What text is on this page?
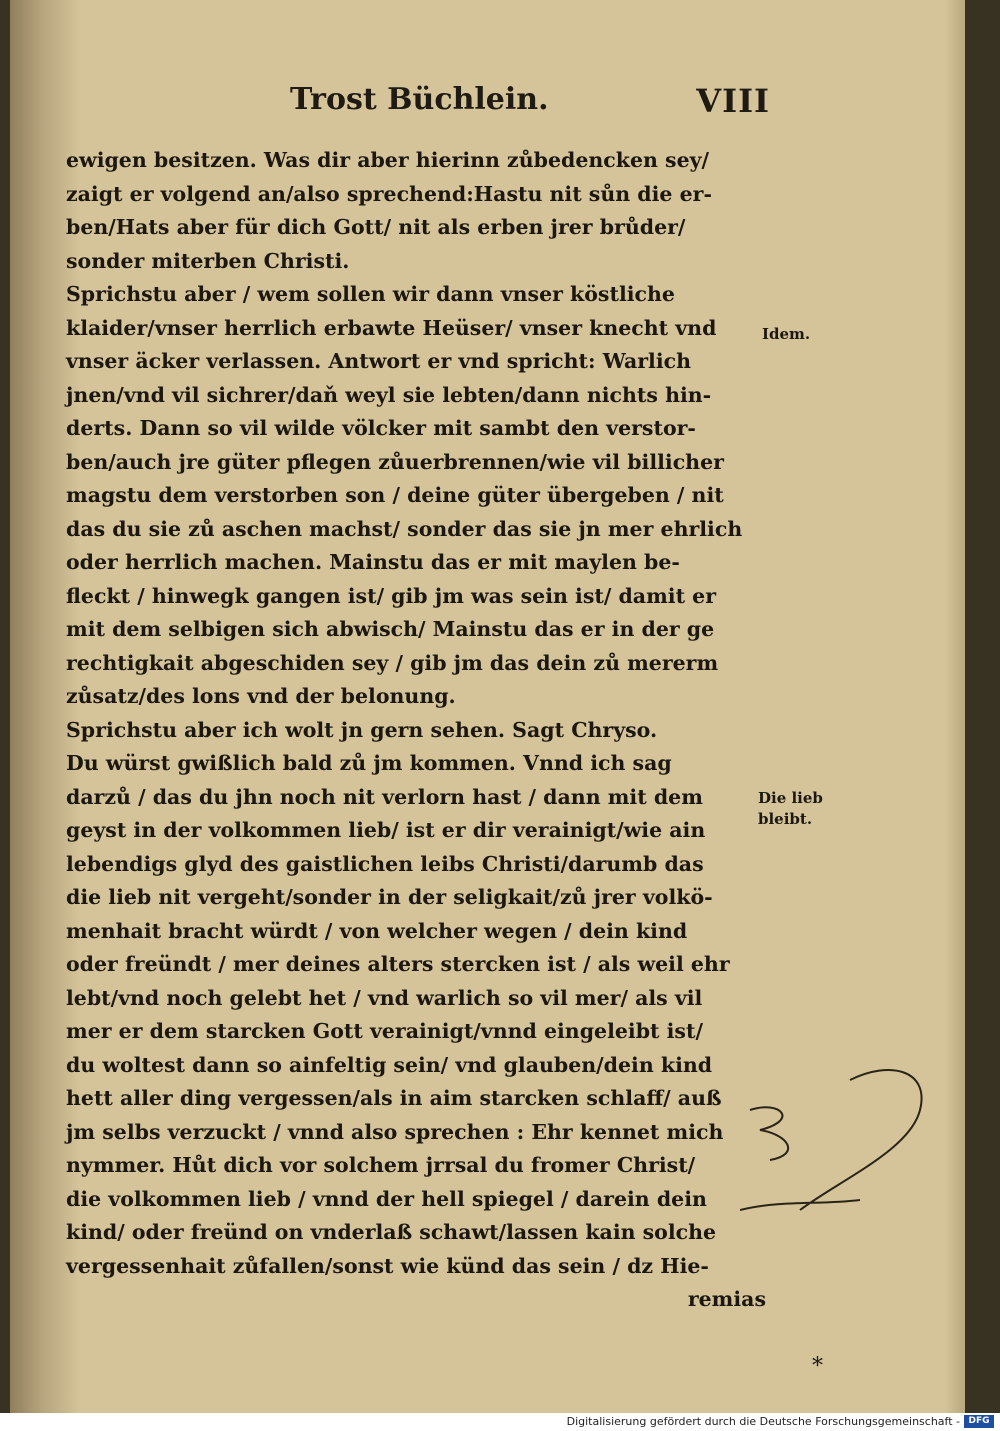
Trost Büchlein.	VIII
ewigen besitzen. Was dir aber hierinn zůbedencken sey/
zaigt er volgend an/also sprechend:Hastu nit sůn die er-
ben/Hats aber für dich Gott/ nit als erben jrer brůder/
sonder miterben Christi.
Sprichstu aber / wem sollen wir dann vnser köstliche
klaider/vnser herrlich erbawte Heüser/ vnser knecht vnd
vnser äcker verlassen. Antwort er vnd spricht: Warlich
jnen/vnd vil sichrer/daň weyl sie lebten/dann nichts hin-
derts. Dann so vil wilde völcker mit sambt den verstor-
ben/auch jre güter pflegen zůuerbrennen/wie vil billicher
magstu dem verstorben son / deine güter übergeben / nit
das du sie zů aschen machst/ sonder das sie jn mer ehrlich
oder herrlich machen. Mainstu das er mit maylen be-
fleckt / hinwegk gangen ist/ gib jm was sein ist/ damit er
mit dem selbigen sich abwisch/ Mainstu das er in der ge
rechtigkait abgeschiden sey / gib jm das dein zů mererm
zůsatz/des lons vnd der belonung.
Sprichstu aber ich wolt jn gern sehen. Sagt Chryso.
Du würst gwißlich bald zů jm kommen. Vnnd ich sag
darzů / das du jhn noch nit verlorn hast / dann mit dem
geyst in der volkommen lieb/ ist er dir verainigt/wie ain
lebendigs glyd des gaistlichen leibs Christi/darumb das
die lieb nit vergeht/sonder in der seligkait/zů jrer volkö-
menhait bracht würdt / von welcher wegen / dein kind
oder freündt / mer deines alters stercken ist / als weil ehr
lebt/vnd noch gelebt het / vnd warlich so vil mer/ als vil
mer er dem starcken Gott verainigt/vnnd eingeleibt ist/
du woltest dann so ainfeltig sein/ vnd glauben/dein kind
hett aller ding vergessen/als in aim starcken schlaff/ auß
jm selbs verzuckt / vnnd also sprechen : Ehr kennet mich
nymmer. Hůt dich vor solchem jrrsal du fromer Christ/
die volkommen lieb / vnnd der hell spiegel / darein dein
kind/ oder freünd on vnderlaß schawt/lassen kain solche
vergessenhait zůfallen/sonst wie künd das sein / dz Hie-
remias
Idem.
Die lieb
bleibt.
*
Digitalisierung gefördert durch die Deutsche Forschungsgemeinschaft - DFG
